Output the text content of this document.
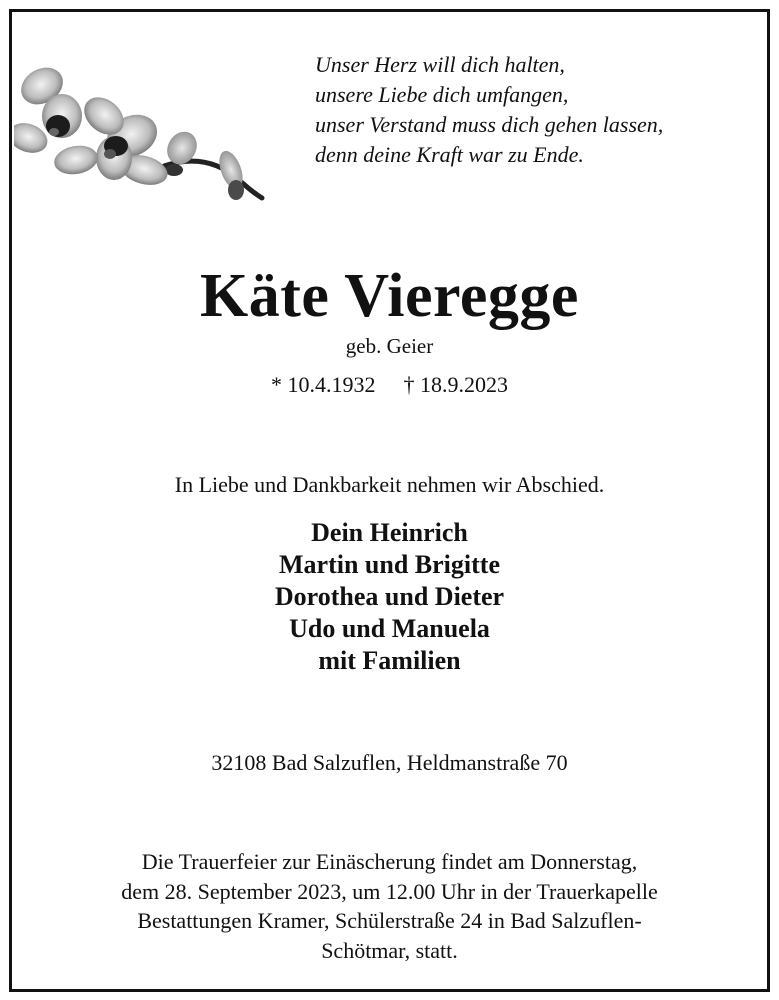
Unser Herz will dich halten,
unsere Liebe dich umfangen,
unser Verstand muss dich gehen lassen,
denn deine Kraft war zu Ende.
Käte Vieregge
geb. Geier
* 10.4.1932 † 18.9.2023
In Liebe und Dankbarkeit nehmen wir Abschied.
Dein Heinrich
Martin und Brigitte
Dorothea und Dieter
Udo und Manuela
mit Familien
32108 Bad Salzuflen, Heldmanstraße 70
Die Trauerfeier zur Einäscherung findet am Donnerstag,
dem 28. September 2023, um 12.00 Uhr in der Trauerkapelle
Bestattungen Kramer, Schülerstraße 24 in Bad Salzuflen-
Schötmar, statt.
